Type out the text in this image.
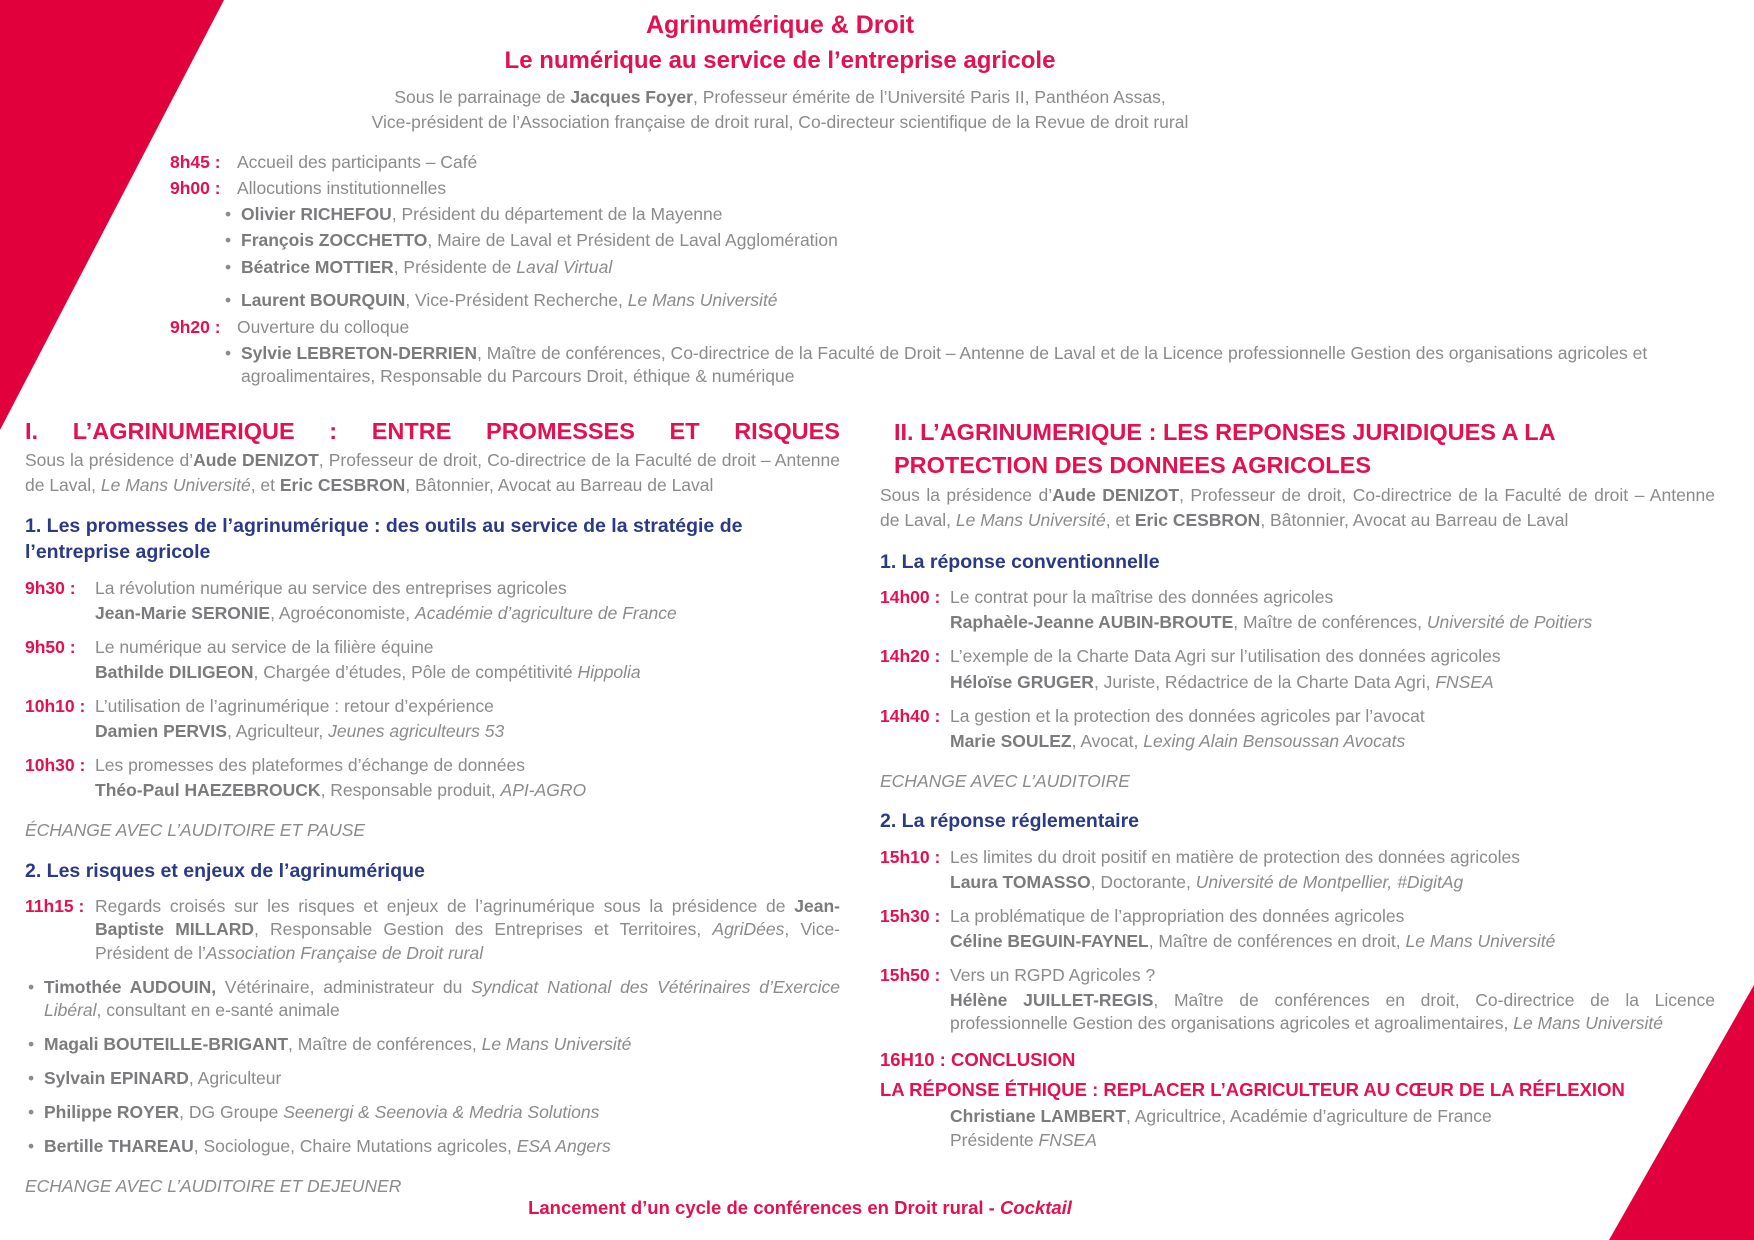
Agrinumérique & Droit
Le numérique au service de l’entreprise agricole
Sous le parrainage de Jacques Foyer, Professeur émérite de l’Université Paris II, Panthéon Assas,
Vice-président de l’Association française de droit rural, Co-directeur scientifique de la Revue de droit rural
8h45 : Accueil des participants – Café
9h00 : Allocutions institutionnelles
• Olivier RICHEFOU, Président du département de la Mayenne
• François ZOCCHETTO, Maire de Laval et Président de Laval Agglomération
• Béatrice MOTTIER, Présidente de Laval Virtual
• Laurent BOURQUIN, Vice-Président Recherche, Le Mans Université
9h20 : Ouverture du colloque
• Sylvie LEBRETON-DERRIEN, Maître de conférences, Co-directrice de la Faculté de Droit – Antenne de Laval et de la Licence professionnelle Gestion des organisations agricoles et agroalimentaires, Responsable du Parcours Droit, éthique & numérique
I. L’AGRINUMERIQUE : ENTRE PROMESSES ET RISQUES
Sous la présidence d’Aude DENIZOT, Professeur de droit, Co-directrice de la Faculté de droit – Antenne de Laval, Le Mans Université, et Eric CESBRON, Bâtonnier, Avocat au Barreau de Laval
1. Les promesses de l’agrinumérique : des outils au service de la stratégie de l’entreprise agricole
9h30 :	La révolution numérique au service des entreprises agricoles
Jean-Marie SERONIE, Agroéconomiste, Académie d’agriculture de France
9h50 :	Le numérique au service de la filière équine
Bathilde DILIGEON, Chargée d’études, Pôle de compétitivité Hippolia
10h10 : L’utilisation de l’agrinumérique : retour d’expérience
Damien PERVIS, Agriculteur, Jeunes agriculteurs 53
10h30 : Les promesses des plateformes d’échange de données
Théo-Paul HAEZEBROUCK, Responsable produit, API-AGRO
ÉCHANGE AVEC L’AUDITOIRE ET PAUSE
2. Les risques et enjeux de l’agrinumérique
11h15 : Regards croisés sur les risques et enjeux de l’agrinumérique sous la présidence de Jean-Baptiste MILLARD, Responsable Gestion des Entreprises et Territoires, AgriDées, Vice-Président de l’Association Française de Droit rural
• Timothée AUDOUIN, Vétérinaire, administrateur du Syndicat National des Vétérinaires d’Exercice Libéral, consultant en e-santé animale
• Magali BOUTEILLE-BRIGANT, Maître de conférences, Le Mans Université
• Sylvain EPINARD, Agriculteur
• Philippe ROYER, DG Groupe Seenergi & Seenovia & Medria Solutions
• Bertille THAREAU, Sociologue, Chaire Mutations agricoles, ESA Angers
ECHANGE AVEC L’AUDITOIRE ET DEJEUNER
II. L’AGRINUMERIQUE : LES REPONSES JURIDIQUES A LA PROTECTION DES DONNEES AGRICOLES
Sous la présidence d’Aude DENIZOT, Professeur de droit, Co-directrice de la Faculté de droit – Antenne de Laval, Le Mans Université, et Eric CESBRON, Bâtonnier, Avocat au Barreau de Laval
1. La réponse conventionnelle
14h00 : Le contrat pour la maîtrise des données agricoles
Raphaèle-Jeanne AUBIN-BROUTE, Maître de conférences, Université de Poitiers
14h20 : L’exemple de la Charte Data Agri sur l’utilisation des données agricoles
Héloïse GRUGER, Juriste, Rédactrice de la Charte Data Agri, FNSEA
14h40 : La gestion et la protection des données agricoles par l’avocat
Marie SOULEZ, Avocat, Lexing Alain Bensoussan Avocats
ECHANGE AVEC L’AUDITOIRE
2. La réponse réglementaire
15h10 : Les limites du droit positif en matière de protection des données agricoles
Laura TOMASSO, Doctorante, Université de Montpellier, #DigitAg
15h30 : La problématique de l’appropriation des données agricoles
Céline BEGUIN-FAYNEL, Maître de conférences en droit, Le Mans Université
15h50 : Vers un RGPD Agricoles ?
Hélène JUILLET-REGIS, Maître de conférences en droit, Co-directrice de la Licence professionnelle Gestion des organisations agricoles et agroalimentaires, Le Mans Université
16H10 : CONCLUSION
LA RÉPONSE ÉTHIQUE : REPLACER L’AGRICULTEUR AU CŒUR DE LA RÉFLEXION
Christiane LAMBERT, Agricultrice, Académie d’agriculture de France
Présidente FNSEA
Lancement d’un cycle de conférences en Droit rural - Cocktail
